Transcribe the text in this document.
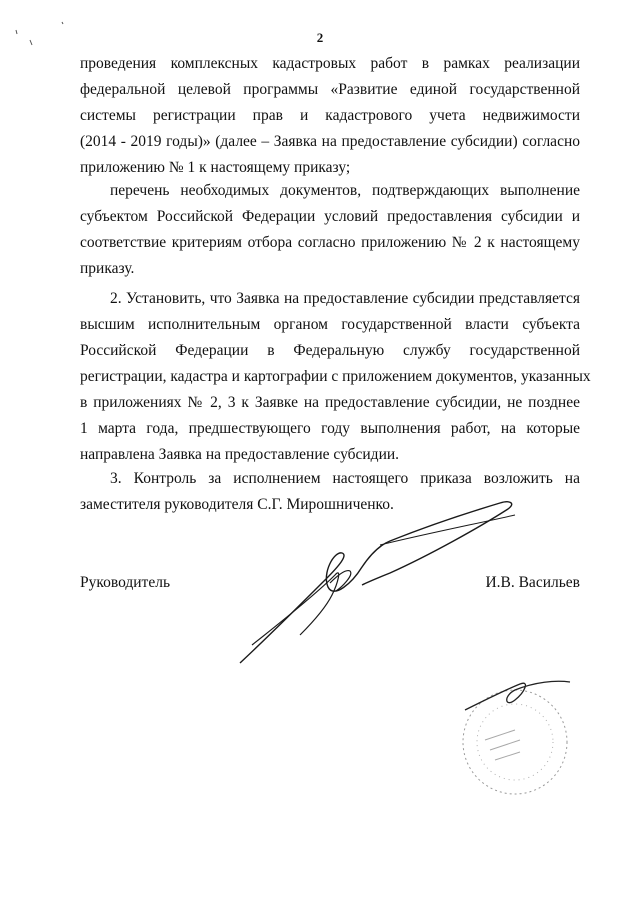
2
проведения комплексных кадастровых работ в рамках реализации
федеральной целевой программы «Развитие единой государственной
системы регистрации прав и кадастрового учета недвижимости
(2014 - 2019 годы)» (далее – Заявка на предоставление субсидии) согласно
приложению № 1 к настоящему приказу;
перечень необходимых документов, подтверждающих выполнение
субъектом Российской Федерации условий предоставления субсидии и
соответствие критериям отбора согласно приложению № 2 к настоящему
приказу.
2. Установить, что Заявка на предоставление субсидии представляется
высшим исполнительным органом государственной власти субъекта
Российской Федерации в Федеральную службу государственной
регистрации, кадастра и картографии с приложением документов, указанных
в приложениях № 2, 3 к Заявке на предоставление субсидии, не позднее
1 марта года, предшествующего году выполнения работ, на которые
направлена Заявка на предоставление субсидии.
3. Контроль за исполнением настоящего приказа возложить на
заместителя руководителя С.Г. Мирошниченко.
Руководитель	И.В. Васильев
